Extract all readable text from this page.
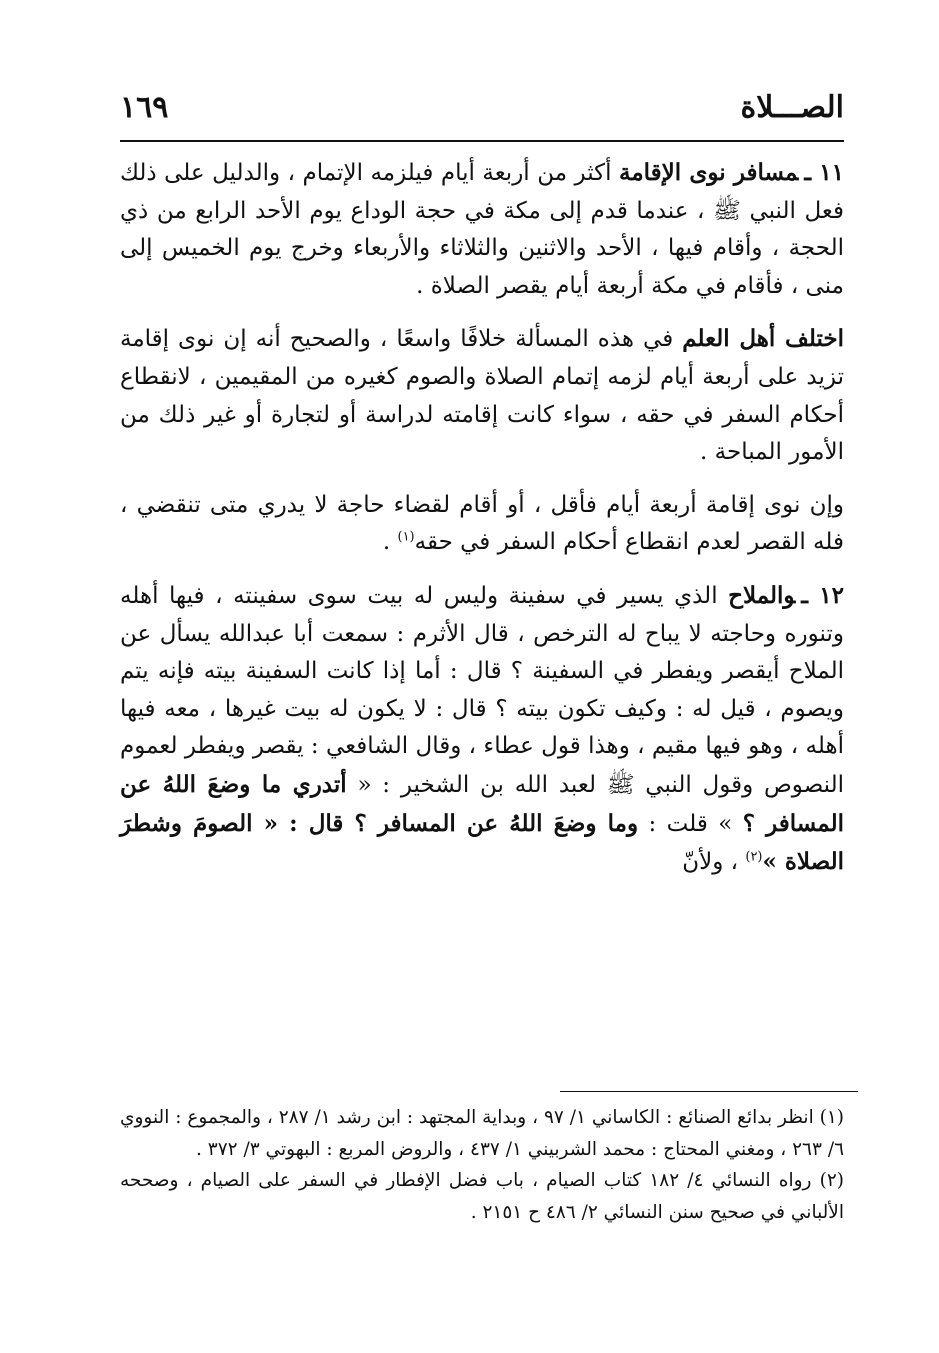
الصـــلاة
١٦٩

١١ ـمسافر نوى الإقامة أكثر من أربعة أيام فيلزمه الإتمام ، والدليل على ذلك فعل النبي ﷺ ، عندما قدم إلى مكة في حجة الوداع يوم الأحد الرابع من ذي الحجة ، وأقام فيها ، الأحد والاثنين والثلاثاء والأربعاء وخرج يوم الخميس إلى منى ، فأقام في مكة أربعة أيام يقصر الصلاة .

اختلف أهل العلم في هذه المسألة خلافًا واسعًا ، والصحيح أنه إن نوى إقامة تزيد على أربعة أيام لزمه إتمام الصلاة والصوم كغيره من المقيمين ، لانقطاع أحكام السفر في حقه ، سواء كانت إقامته لدراسة أو لتجارة أو غير ذلك من الأمور المباحة .

وإن نوى إقامة أربعة أيام فأقل ، أو أقام لقضاء حاجة لا يدري متى تنقضي ، فله القصر لعدم انقطاع أحكام السفر في حقه$^{(١)}$ .

١٢ ـوالملاح الذي يسير في سفينة وليس له بيت سوى سفينته ، فيها أهله وتنوره وحاجته لا يباح له الترخص ، قال الأثرم : سمعت أبا عبدالله يسأل عن الملاح أيقصر ويفطر في السفينة ؟ قال : أما إذا كانت السفينة بيته فإنه يتم ويصوم ، قيل له : وكيف تكون بيته ؟ قال : لا يكون له بيت غيرها ، معه فيها أهله ، وهو فيها مقيم ، وهذا قول عطاء ، وقال الشافعي : يقصر ويفطر لعموم النصوص وقول النبي ﷺ لعبد الله بن الشخير : « أتدري ما وضعَ اللهُ عن المسافر ؟ » قلت : وما وضعَ اللهُ عن المسافر ؟ قال : « الصومَ وشطرَ الصلاة »$^{(٢)}$ ، ولأنّ

(١) انظر بدائع الصنائع : الكاساني ١/ ٩٧ ، وبداية المجتهد : ابن رشد ١/ ٢٨٧ ، والمجموع : النووي ٦/ ٢٦٣ ، ومغني المحتاج : محمد الشربيني ١/ ٤٣٧ ، والروض المربع : البهوتي ٣/ ٣٧٢ .

(٢) رواه النسائي ٤/ ١٨٢ كتاب الصيام ، باب فضل الإفطار في السفر على الصيام ، وصححه الألباني في صحيح سنن النسائي ٢/ ٤٨٦ ح ٢١٥١ .
